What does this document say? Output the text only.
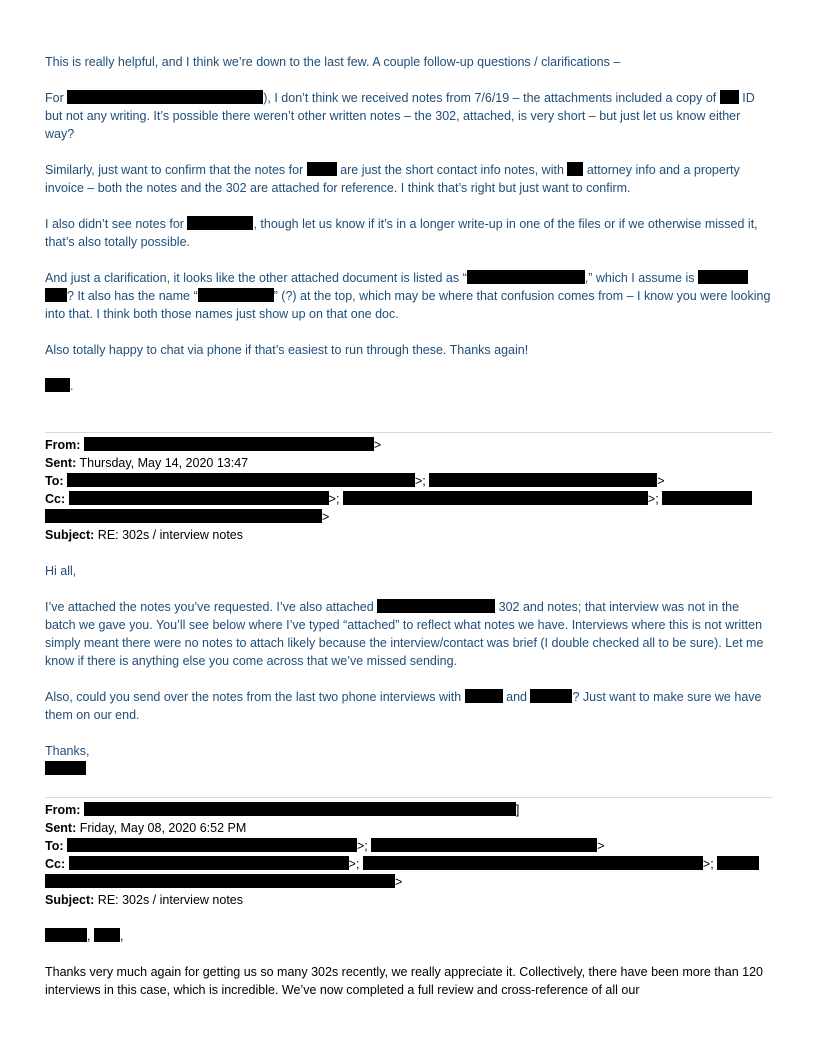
This is really helpful, and I think we’re down to the last few. A couple follow-up questions / clarifications –

For	), I don’t think we received notes from 7/6/19 – the attachments included a copy of  ID but not any writing. It’s possible there weren’t other written notes – the 302, attached, is very short – but just let us know either way?

Similarly, just want to confirm that the notes for  are just the short contact info notes, with  attorney info and a property invoice – both the notes and the 302 are attached for reference. I think that’s right but just want to confirm.

I also didn’t see notes for	, though let us know if it’s in a longer write-up in one of the files or if we otherwise missed it, that’s also totally possible.

And just a clarification, it looks like the other attached document is listed as “	,” which I assume is  ? It also has the name “	” (?) at the top, which may be where that confusion comes from – I know you were looking into that. I think both those names just show up on that one doc.

Also totally happy to chat via phone if that’s easiest to run through these. Thanks again!

.

From:	>

Sent: Thursday, May 14, 2020 13:47

To:	>;	>

Cc:	>;	>;

>

Subject: RE: 302s / interview notes

Hi all,

I’ve attached the notes you’ve requested. I’ve also attached	302 and notes; that interview was not in the batch we gave you. You’ll see below where I’ve typed “attached” to reflect what notes we have. Interviews where this is not written simply meant there were no notes to attach likely because the interview/contact was brief (I double checked all to be sure). Let me know if there is anything else you come across that we’ve missed sending.

Also, could you send over the notes from the last two phone interviews with	and	? Just want to make sure we have them on our end.

Thanks,

From:	]

Sent: Friday, May 08, 2020 6:52 PM

To:	>;	>

Cc:	>;	>;

>

Subject: RE: 302s / interview notes

, ,

Thanks very much again for getting us so many 302s recently, we really appreciate it. Collectively, there have been more than 120 interviews in this case, which is incredible. We’ve now completed a full review and cross-reference of all our
